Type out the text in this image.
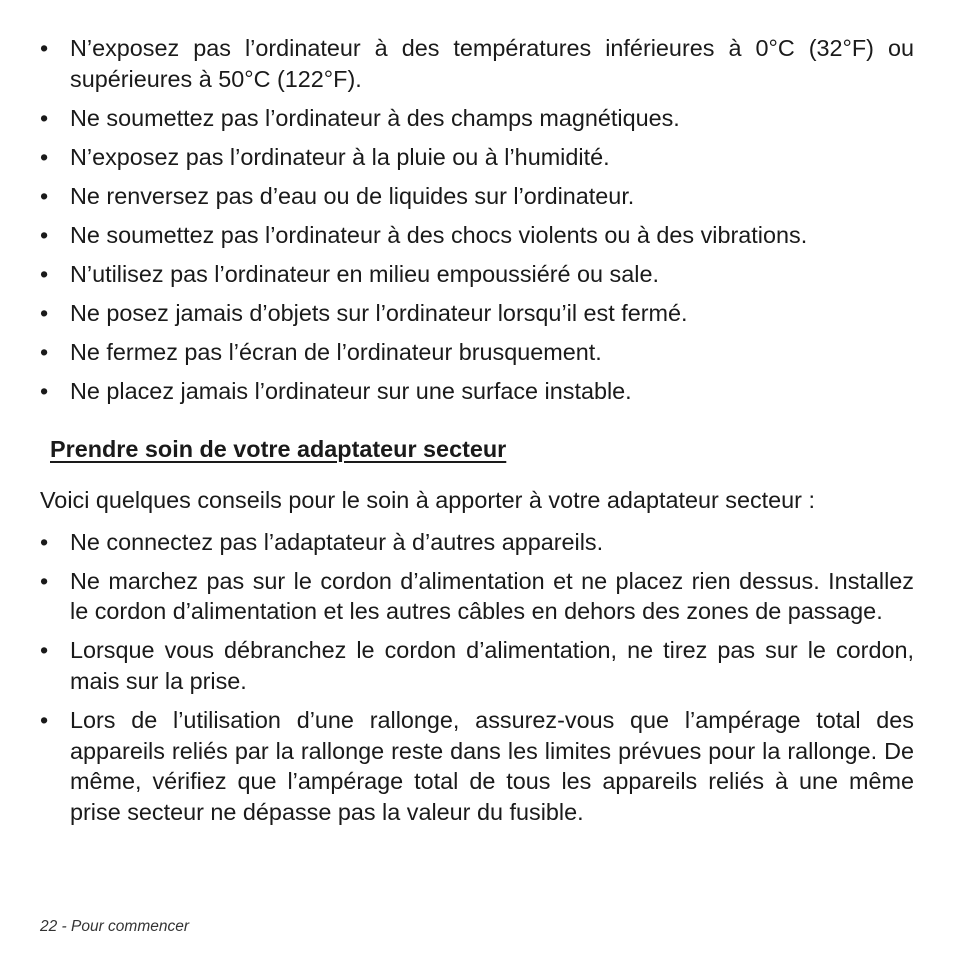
• N’exposez pas l’ordinateur à des températures inférieures à 0°C (32°F) ou supérieures à 50°C (122°F).
• Ne soumettez pas l’ordinateur à des champs magnétiques.
• N’exposez pas l’ordinateur à la pluie ou à l’humidité.
• Ne renversez pas d’eau ou de liquides sur l’ordinateur.
• Ne soumettez pas l’ordinateur à des chocs violents ou à des vibrations.
• N’utilisez pas l’ordinateur en milieu empoussiéré ou sale.
• Ne posez jamais d’objets sur l’ordinateur lorsqu’il est fermé.
• Ne fermez pas l’écran de l’ordinateur brusquement.
• Ne placez jamais l’ordinateur sur une surface instable.
Prendre soin de votre adaptateur secteur

Voici quelques conseils pour le soin à apporter à votre adaptateur secteur :

• Ne connectez pas l’adaptateur à d’autres appareils.
• Ne marchez pas sur le cordon d’alimentation et ne placez rien dessus. Installez le cordon d’alimentation et les autres câbles en dehors des zones de passage.
• Lorsque vous débranchez le cordon d’alimentation, ne tirez pas sur le cordon, mais sur la prise.
• Lors de l’utilisation d’une rallonge, assurez-vous que l’ampérage total des appareils reliés par la rallonge reste dans les limites prévues pour la rallonge. De même, vérifiez que l’ampérage total de tous les appareils reliés à une même prise secteur ne dépasse pas la valeur du fusible.
22 - Pour commencer
